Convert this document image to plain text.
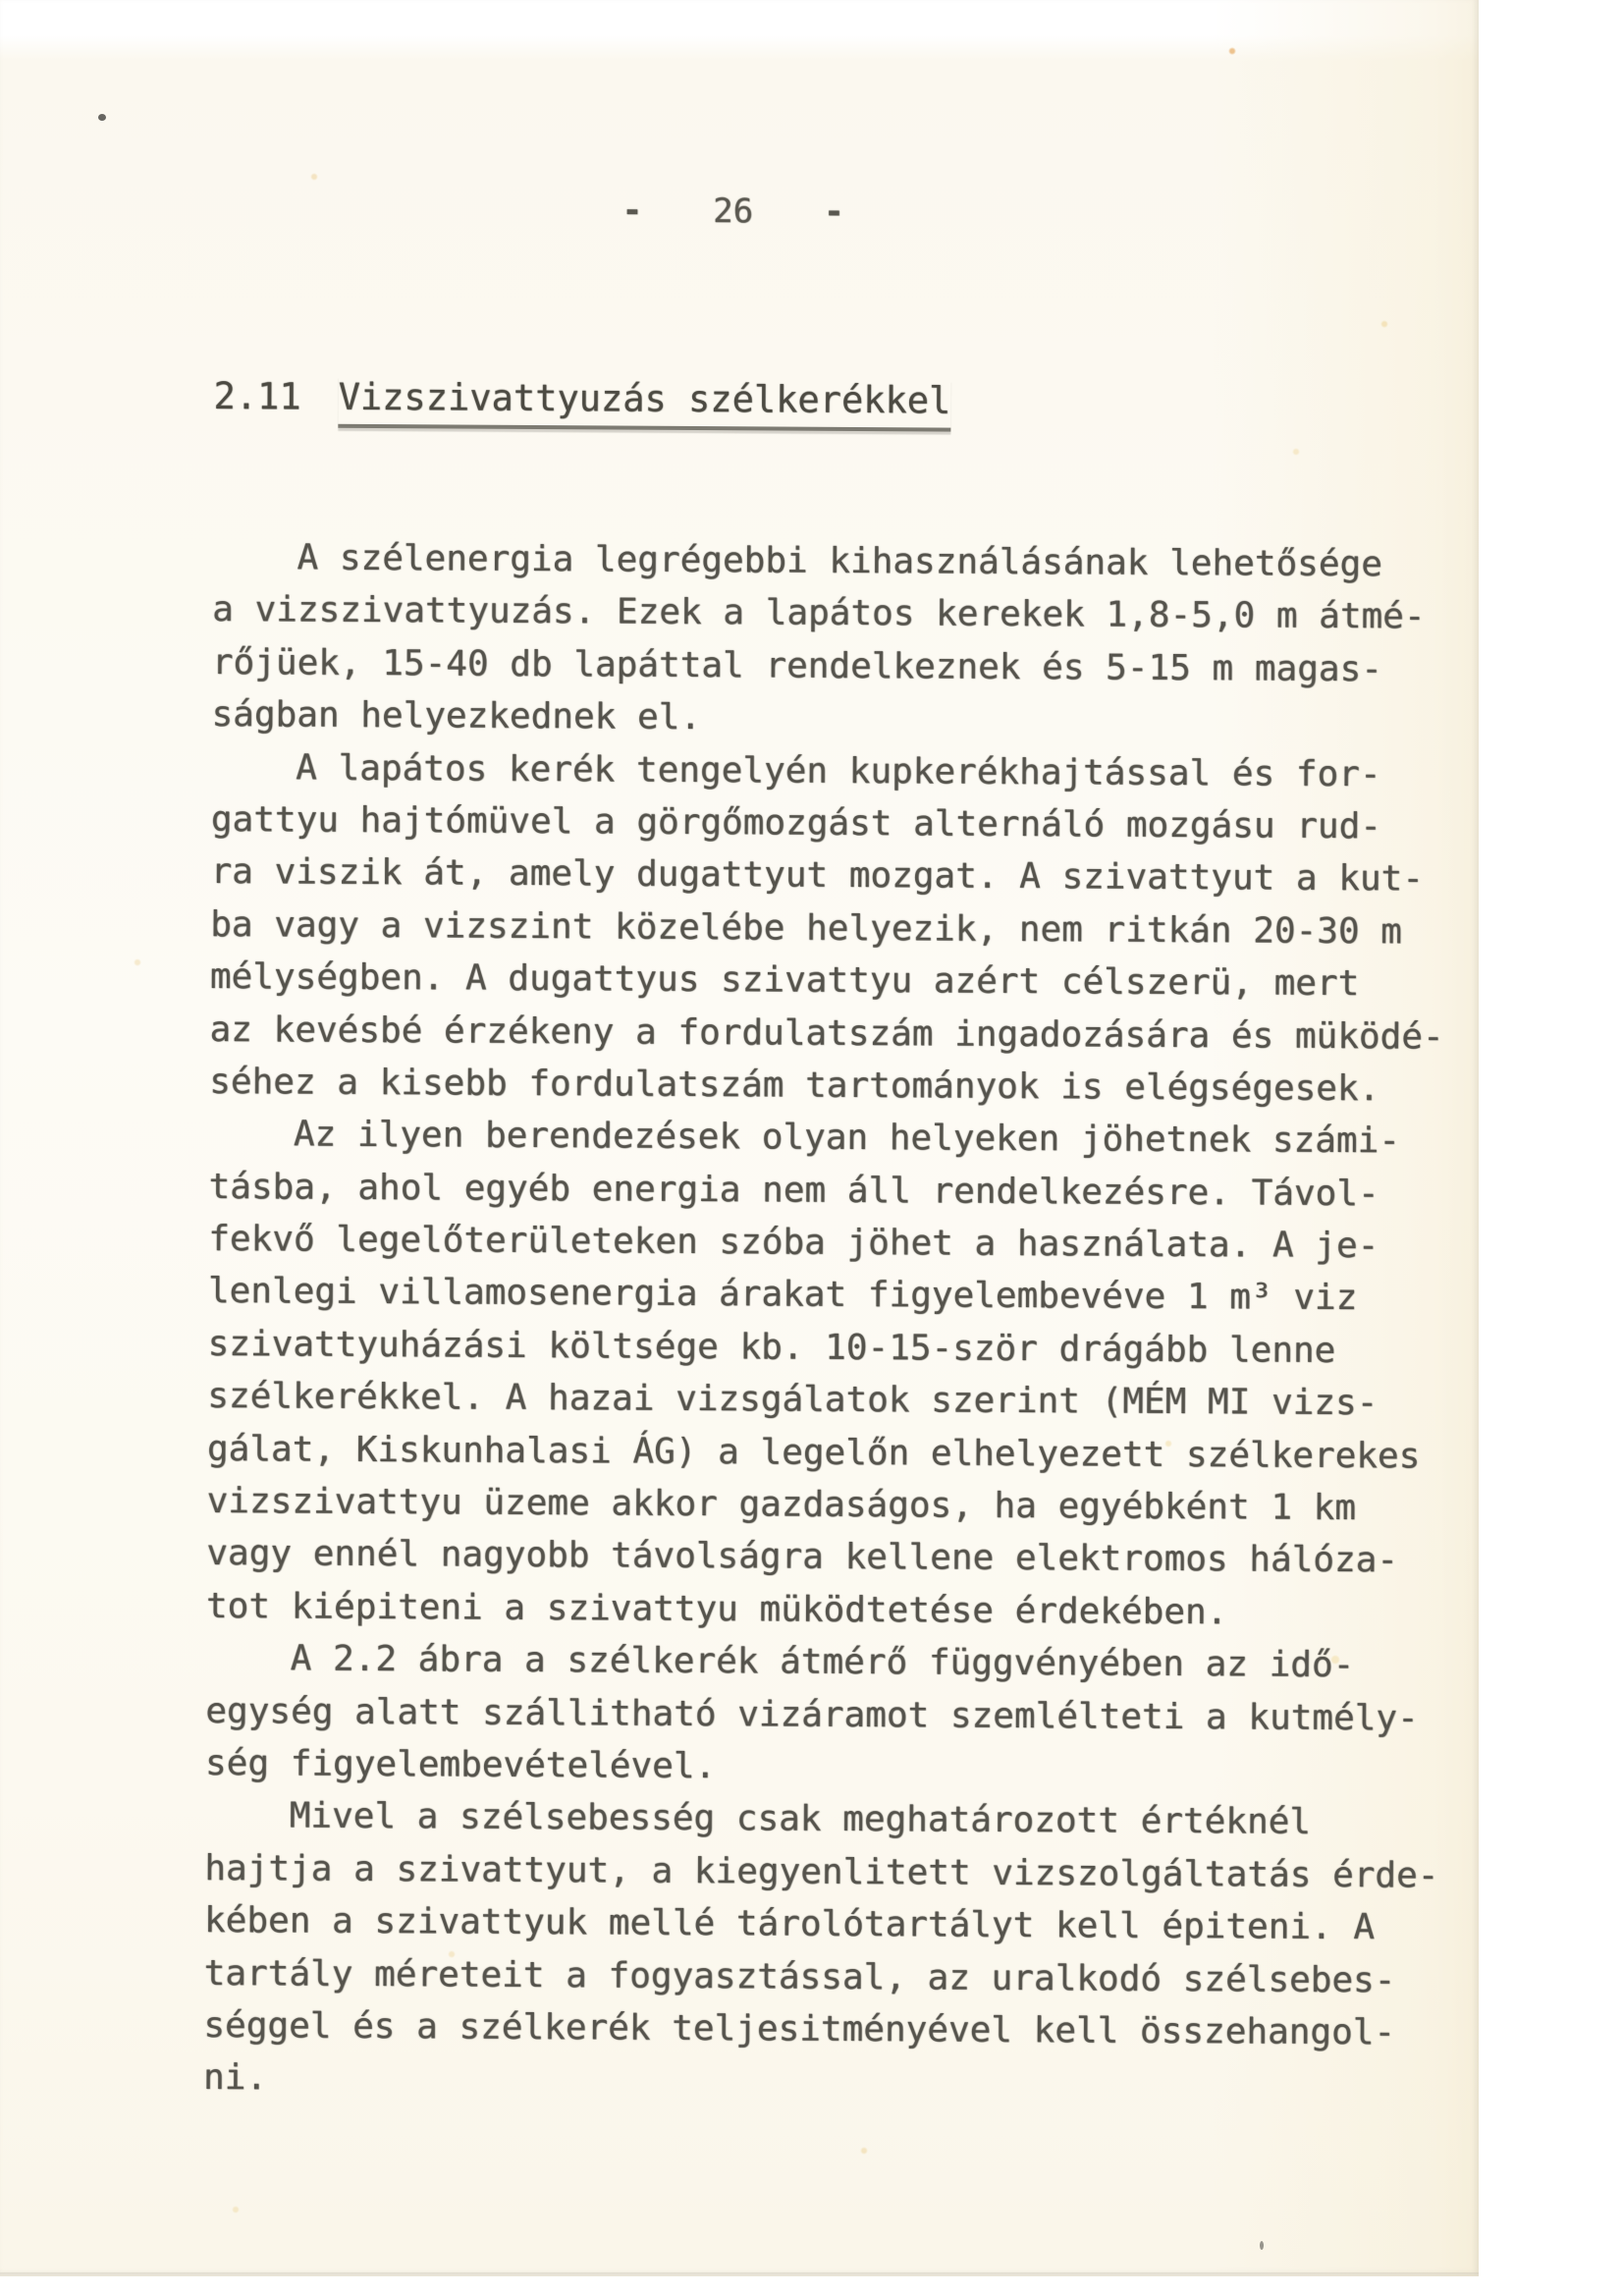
- 26 -
2.11 Vizszivattyuzás szélkerékkel
A szélenergia legrégebbi kihasználásának lehetősége
a vizszivattyuzás. Ezek a lapátos kerekek 1,8-5,0 m átmé-
rőjüek, 15-40 db lapáttal rendelkeznek és 5-15 m magas-
ságban helyezkednek el.
A lapátos kerék tengelyén kupkerékhajtással és for-
gattyu hajtómüvel a görgőmozgást alternáló mozgásu rud-
ra viszik át, amely dugattyut mozgat. A szivattyut a kut-
ba vagy a vizszint közelébe helyezik, nem ritkán 20-30 m
mélységben. A dugattyus szivattyu azért célszerü, mert
az kevésbé érzékeny a fordulatszám ingadozására és müködé-
séhez a kisebb fordulatszám tartományok is elégségesek.
Az ilyen berendezések olyan helyeken jöhetnek számi-
tásba, ahol egyéb energia nem áll rendelkezésre. Távol-
fekvő legelőterületeken szóba jöhet a használata. A je-
lenlegi villamosenergia árakat figyelembevéve 1 m³ viz
szivattyuházási költsége kb. 10-15-ször drágább lenne
szélkerékkel. A hazai vizsgálatok szerint (MÉM MI vizs-
gálat, Kiskunhalasi ÁG) a legelőn elhelyezett szélkerekes
vizszivattyu üzeme akkor gazdaságos, ha egyébként 1 km
vagy ennél nagyobb távolságra kellene elektromos hálóza-
tot kiépiteni a szivattyu müködtetése érdekében.
A 2.2 ábra a szélkerék átmérő függvényében az idő-
egység alatt szállitható vizáramot szemlélteti a kutmély-
ség figyelembevételével.
Mivel a szélsebesség csak meghatározott értéknél
hajtja a szivattyut, a kiegyenlitett vizszolgáltatás érde-
kében a szivattyuk mellé tárolótartályt kell épiteni. A
tartály méreteit a fogyasztással, az uralkodó szélsebes-
séggel és a szélkerék teljesitményével kell összehangol-
ni.
